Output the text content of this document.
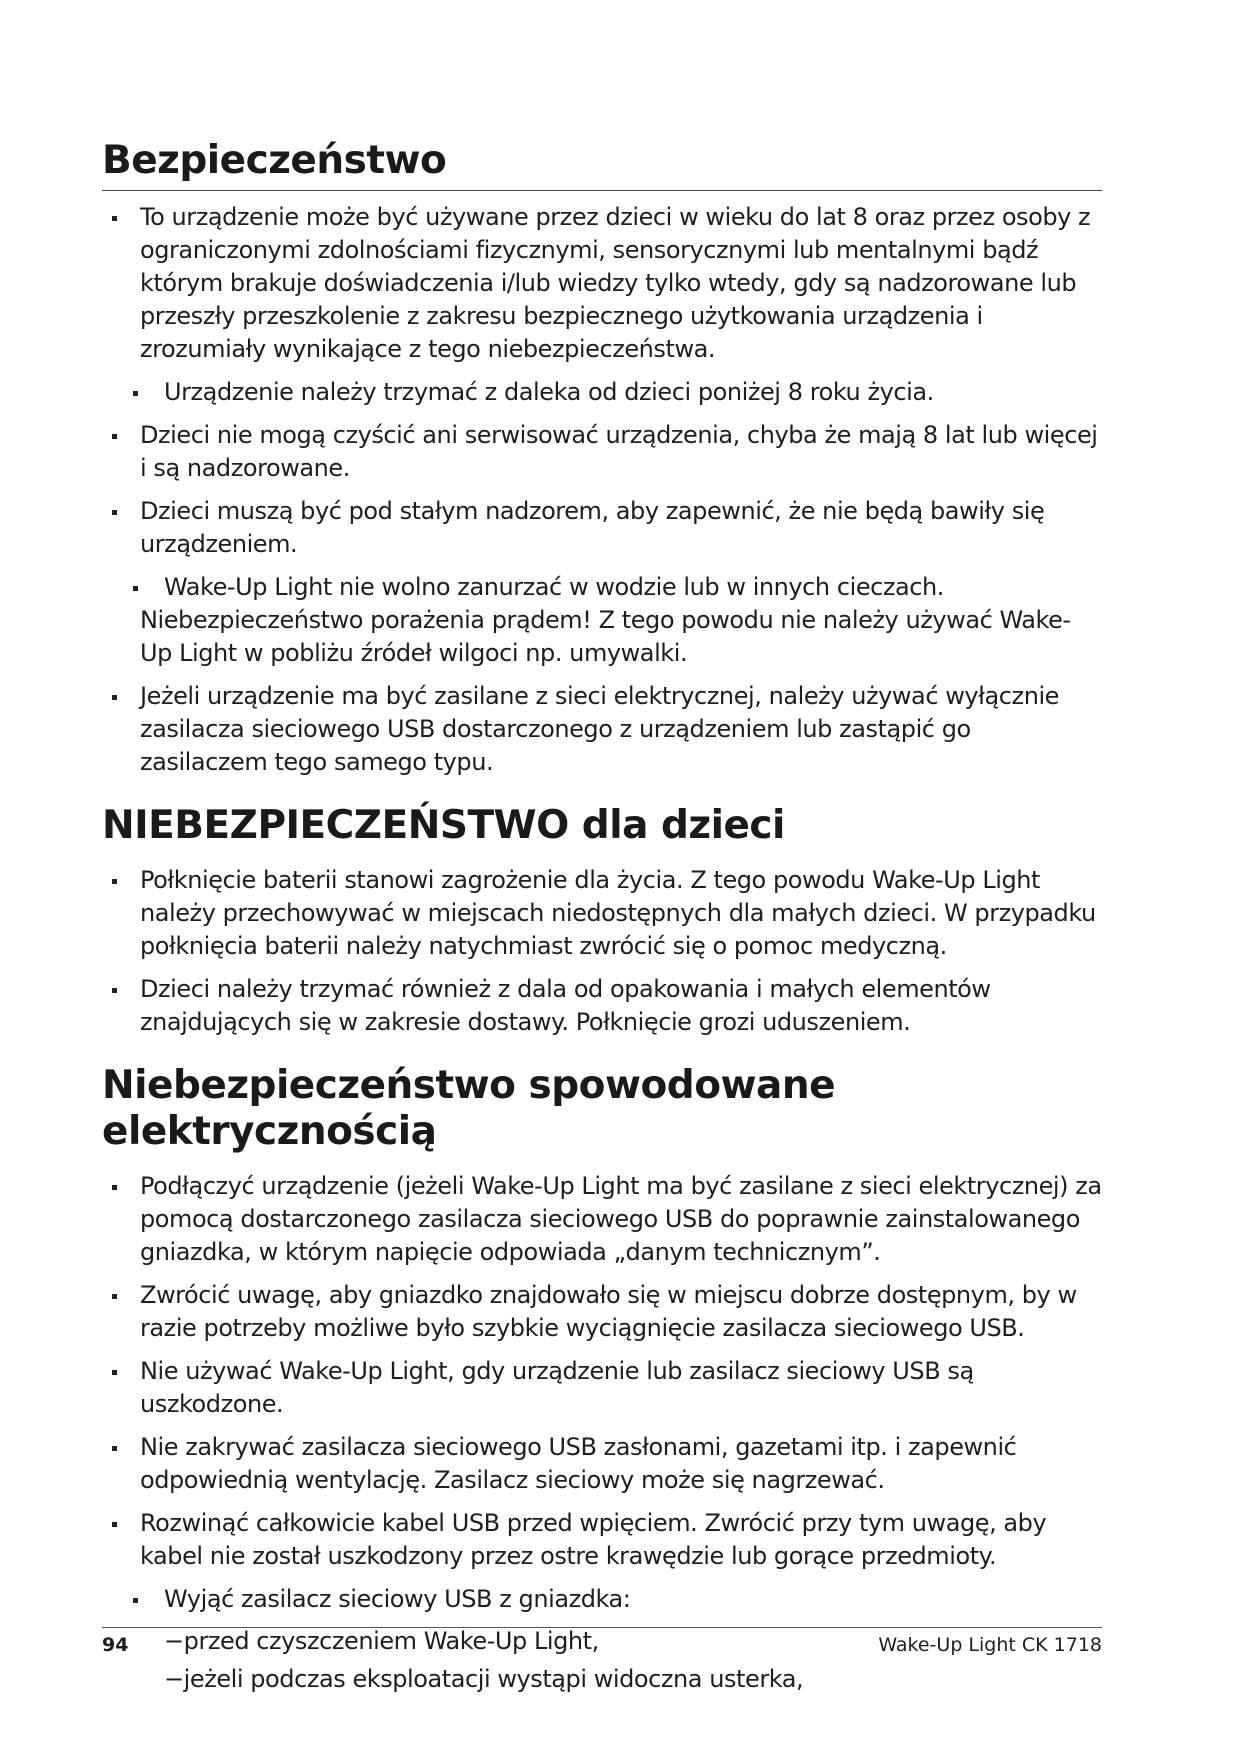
Bezpieczeństwo
To urządzenie może być używane przez dzieci w wieku do lat 8 oraz przez osoby z ograniczonymi zdolnościami fizycznymi, sensorycznymi lub mentalnymi bądź którym brakuje doświadczenia i/lub wiedzy tylko wtedy, gdy są nadzorowane lub przeszły przeszkolenie z zakresu bezpiecznego użytkowania urządzenia i zrozumiały wynikające z tego niebezpieczeństwa.
Urządzenie należy trzymać z daleka od dzieci poniżej 8 roku życia.
Dzieci nie mogą czyścić ani serwisować urządzenia, chyba że mają 8 lat lub więcej i są nadzorowane.
Dzieci muszą być pod stałym nadzorem, aby zapewnić, że nie będą bawiły się urządzeniem.
Wake-Up Light nie wolno zanurzać w wodzie lub w innych cieczach.
Niebezpieczeństwo porażenia prądem! Z tego powodu nie należy używać Wake-Up Light w pobliżu źródeł wilgoci np. umywalki.
Jeżeli urządzenie ma być zasilane z sieci elektrycznej, należy używać wyłącznie zasilacza sieciowego USB dostarczonego z urządzeniem lub zastąpić go zasilaczem tego samego typu.
NIEBEZPIECZEŃSTWO dla dzieci
Połknięcie baterii stanowi zagrożenie dla życia. Z tego powodu Wake-Up Light należy przechowywać w miejscach niedostępnych dla małych dzieci. W przypadku połknięcia baterii należy natychmiast zwrócić się o pomoc medyczną.
Dzieci należy trzymać również z dala od opakowania i małych elementów znajdujących się w zakresie dostawy. Połknięcie grozi uduszeniem.
Niebezpieczeństwo spowodowane elektrycznością
Podłączyć urządzenie (jeżeli Wake-Up Light ma być zasilane z sieci elektrycznej) za pomocą dostarczonego zasilacza sieciowego USB do poprawnie zainstalowanego gniazdka, w którym napięcie odpowiada „danym technicznym”.
Zwrócić uwagę, aby gniazdko znajdowało się w miejscu dobrze dostępnym, by w razie potrzeby możliwe było szybkie wyciągnięcie zasilacza sieciowego USB.
Nie używać Wake-Up Light, gdy urządzenie lub zasilacz sieciowy USB są uszkodzone.
Nie zakrywać zasilacza sieciowego USB zasłonami, gazetami itp. i zapewnić odpowiednią wentylację. Zasilacz sieciowy może się nagrzewać.
Rozwinąć całkowicie kabel USB przed wpięciem. Zwrócić przy tym uwagę, aby kabel nie został uszkodzony przez ostre krawędzie lub gorące przedmioty.
Wyjąć zasilacz sieciowy USB z gniazdka:
−przed czyszczeniem Wake-Up Light,
−jeżeli podczas eksploatacji wystąpi widoczna usterka,
94	Wake-Up Light CK 1718
